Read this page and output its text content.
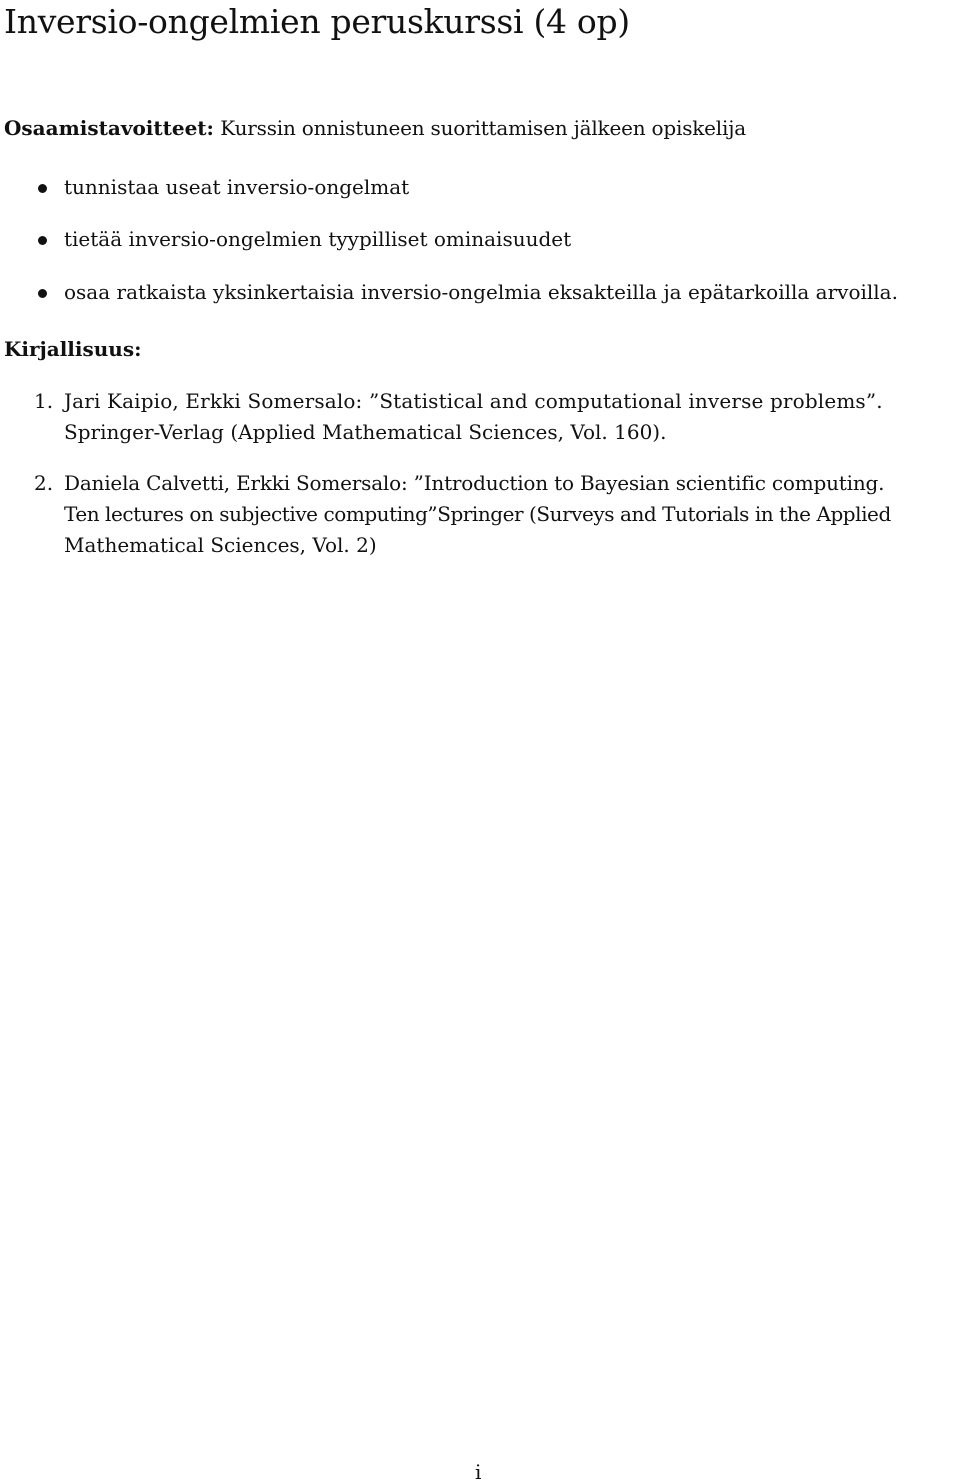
Inversio-ongelmien peruskurssi (4 op)
Osaamistavoitteet: Kurssin onnistuneen suorittamisen jälkeen opiskelija
tunnistaa useat inversio-ongelmat
tietää inversio-ongelmien tyypilliset ominaisuudet
osaa ratkaista yksinkertaisia inversio-ongelmia eksakteilla ja epätarkoilla arvoilla.
Kirjallisuus:
1. Jari Kaipio, Erkki Somersalo: ”Statistical and computational inverse problems”.
Springer-Verlag (Applied Mathematical Sciences, Vol. 160).
2. Daniela Calvetti, Erkki Somersalo: ”Introduction to Bayesian scientific computing.
Ten lectures on subjective computing”Springer (Surveys and Tutorials in the Applied
Mathematical Sciences, Vol. 2)
i
